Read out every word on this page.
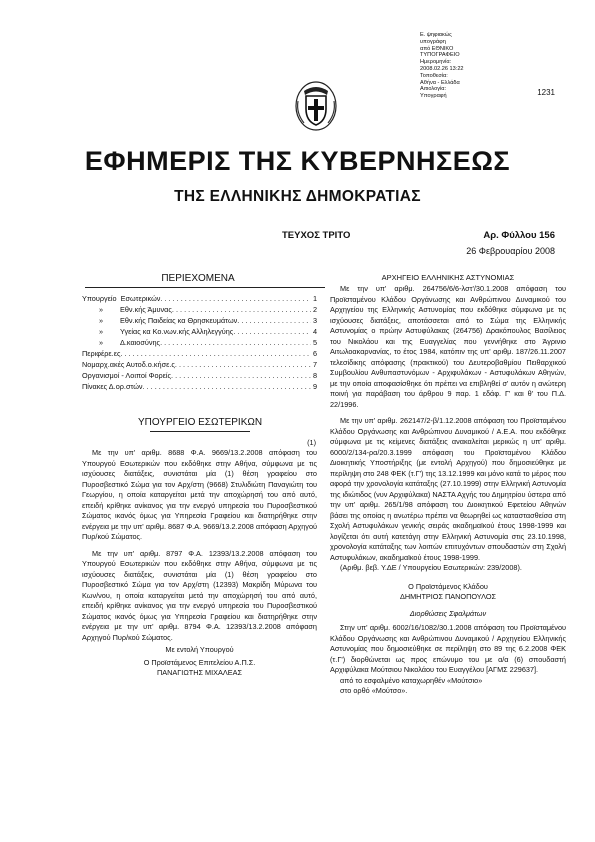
Ε. ψηφιακώς
υπογράφη
από ΕΘΝΙΚΟ
ΤΥΠΟΓΡΑΦΕΙΟ
Ημερομηνία:
2008.02.26 13:22
Τοποθεσία:
Αθήνα - Ελλάδα
Αιτιολογία:
Υπογραφή	1231
ΕΦΗΜΕΡΙΣ ΤΗΣ ΚΥΒΕΡΝΗΣΕΩΣ
ΤΗΣ ΕΛΛΗΝΙΚΗΣ ΔΗΜΟΚΡΑΤΙΑΣ
ΤΕΥΧΟΣ ΤΡΙΤΟ	Αρ. Φύλλου 156
26 Φεβρουαρίου 2008
ΠΕΡΙΕΧΟΜΕΝΑ
Υπουργείο Εσωτερικών . . .	1
» Εθν.κής Άμυνας . . .	2
» Εθν.κής Παιδείας κα Θρησκευμάτων . . .	3
» Υγείας κα Κο.νων.κής Αλληλεγγύης . . .	4
» Δ.καιοσύνης . . .	5
Περιφέρε.ες . . .	6
Νομαρχ.ακές Αυτοδ.ο.κήσε.ς . . .	7
Οργανισμοί - Λοιποί Φορείς . . .	8
Πίνακες Δ.ορ.στών . . .	9
ΥΠΟΥΡΓΕΙΟ ΕΣΩΤΕΡΙΚΩΝ
(1)

Με την υπ' αριθμ. 8688 Φ.Α. 9669/13.2.2008 απόφαση του Υπουργού Εσωτερικών που εκδόθηκε στην Αθήνα, σύμφωνα με τις ισχύουσες διατάξεις, συνιστάται μία (1) θέση γραφείου στο Πυροσβεστικό Σώμα για τον Αρχ/στη (9668) Στυλιδιώτη Παναγιώτη του Γεωργίου, η οποία καταργείται μετά την αποχώρησή του από αυτό, επειδή κρίθηκε ανίκανος για την ενεργό υπηρεσία του Πυροσβεστικού Σώματος ικανός όμως για Υπηρεσία Γραφείου και διατηρήθηκε στην ενέργεια με την υπ' αριθμ. 8687 Φ.Α. 9669/13.2.2008 απόφαση Αρχηγού Πυρ/κού Σώματος.

Με την υπ' αριθμ. 8797 Φ.Α. 12393/13.2.2008 απόφαση του Υπουργού Εσωτερικών που εκδόθηκε στην Αθήνα, σύμφωνα με τις ισχύουσες διατάξεις, συνιστάται μία (1) θέση γραφείου στο Πυροσβεστικό Σώμα για τον Αρχ/στη (12393) Μακρίδη Μύρωνα του Κων/νου, η οποία καταργείται μετά την αποχώρησή του από αυτό, επειδή κρίθηκε ανίκανος για την ενεργό υπηρεσία του Πυροσβεστικού Σώματος ικανός όμως για Υπηρεσία Γραφείου και διατηρήθηκε στην ενέργεια με την υπ' αριθμ. 8794 Φ.Α. 12393/13.2.2008 απόφαση Αρχηγού Πυρ/κού Σώματος.

Με εντολή Υπουργού
Ο Προϊστάμενος Επιτελείου Α.Π.Σ.
ΠΑΝΑΓΙΩΤΗΣ ΜΙΧΑΛΕΑΣ
ΑΡΧΗΓΕΙΟ ΕΛΛΗΝΙΚΗΣ ΑΣΤΥΝΟΜΙΑΣ

Με την υπ' αριθμ. 264756/6/6-λστ'/30.1.2008 απόφαση του Προϊσταμένου Κλάδου Οργάνωσης και Ανθρώπινου Δυναμικού του Αρχηγείου της Ελληνικής Αστυνομίας που εκδόθηκε σύμφωνα με τις ισχύουσες διατάξεις, αποτάσσεται από το Σώμα της Ελληνικής Αστυνομίας ο πρώην Αστυφύλακας (264756) Δρακόπουλος Βασίλειος του Νικολάου και της Ευαγγελίας που γεννήθηκε στο Άγρινιο Αιτωλοακαρνανίας, το έτος 1984, κατόπιν της υπ' αριθμ. 187/26.11.2007 τελεσίδικης απόφασης (πρακτικού) του Δευτεροβαθμίου Πειθαρχικού Συμβουλίου Ανθυπαστυνόμων - Αρχιφυλάκων - Αστυφυλάκων Αθηνών, με την οποία αποφασίσθηκε ότι πρέπει να επιβληθεί σ' αυτόν η ανώτερη ποινή για παράβαση του άρθρου 9 παρ. 1 εδάφ. Γ' και θ' του Π.Δ. 22/1996.

Με την υπ' αριθμ. 262147/2-β/1.12.2008 απόφαση του Προϊσταμένου Κλάδου Οργάνωσης και Ανθρώπινου Δυναμικού / Α.Ε.Α. που εκδόθηκε σύμφωνα με τις κείμενες διατάξεις ανακαλείται μερικώς η υπ' αριθμ. 6000/2/134-ρα/20.3.1999 απόφαση του Προϊσταμένου Κλάδου Διοικητικής Υποστήριξης (με εντολή Αρχηγού) που δημοσιεύθηκε με περίληψη στο 248 ΦΕΚ (τ.Γ') της 13.12.1999 και μόνο κατά το μέρος που αφορά την χρονολογία κατάταξης (27.10.1999) στην Ελληνική Αστυνομία της ιδιώτιδος (νυν Αρχιφύλακα) ΝΑΣΤΑ Αχγής του Δημητρίου ύστερα από την υπ' αριθμ. 265/1/98 απόφαση του Διοικητικού Εφετείου Αθηνών βάσει της οποίας η ανωτέρω πρέπει να θεωρηθεί ως καταστασθείσα στη Σχολή Αστυφυλάκων γενικής σειράς ακαδημαϊκού έτους 1998-1999 και λογίζεται ότι αυτή κατετάγη στην Ελληνική Αστυνομία στις 23.10.1998, χρονολογία κατάταξης των λοιπών επιτυχόντων σπουδαστών στη Σχολή Αστυφυλάκων, ακαδημαϊκού έτους 1998-1999.

(Αριθμ. βεβ. Υ.ΔΕ / Υπουργείου Εσωτερικών: 239/2008).

Ο Προϊστάμενος Κλάδου
ΔΗΜΗΤΡΙΟΣ ΠΑΝΟΠΟΥΛΟΣ
Διορθώσεις Σφαλμάτων

Στην υπ' αριθμ. 6002/16/1082/30.1.2008 απόφαση του Προϊσταμένου Κλάδου Οργάνωσης και Ανθρώπινου Δυναμικού / Αρχηγείου Ελληνικής Αστυνομίας που δημοσιεύθηκε σε περίληψη στο 89 της 6.2.2008 ΦΕΚ (τ.Γ') διορθώνεται ως προς επώνυμο του με α/α (6) σπουδαστή Αρχιφύλακα Μούτσιου Νικολάου του Ευαγγέλου [ΑΓΜΣ 229637].

από το εσφαλμένο καταχωρηθέν «Μούτσιο»

στο ορθό «Μούτσο».
